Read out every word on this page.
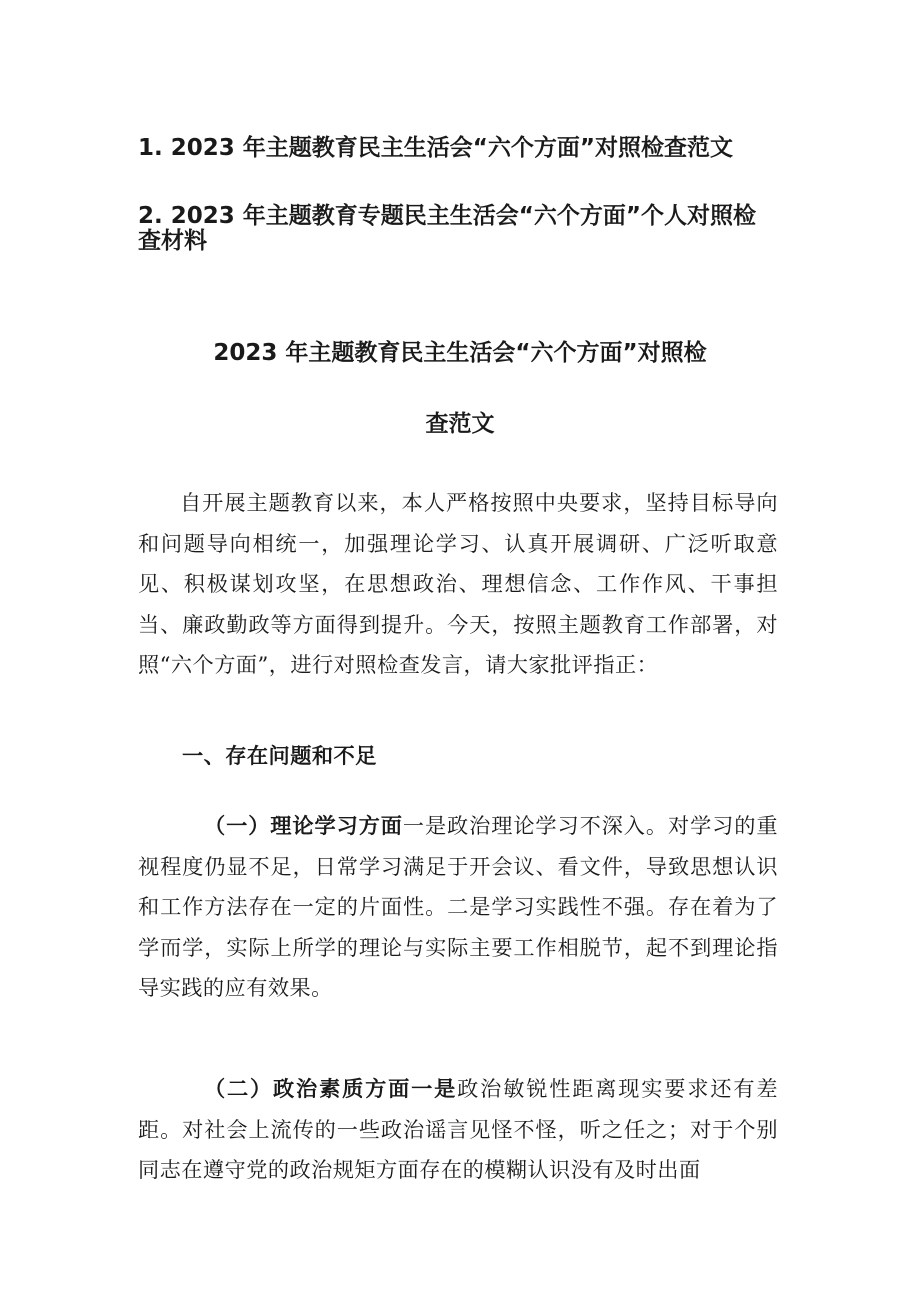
1. 2023 年主题教育民主生活会“六个方面”对照检查范文

2. 2023 年主题教育专题民主生活会“六个方面”个人对照检

查材料

2023 年主题教育民主生活会“六个方面”对照检
查范文

自开展主题教育以来，本人严格按照中央要求，坚持目标导向和问题导向相统一，加强理论学习、认真开展调研、广泛听取意见、积极谋划攻坚，在思想政治、理想信念、工作作风、干事担当、廉政勤政等方面得到提升。今天，按照主题教育工作部署，对照“六个方面”，进行对照检查发言，请大家批评指正：

一、存在问题和不足

（一）理论学习方面一是政治理论学习不深入。对学习的重视程度仍显不足，日常学习满足于开会议、看文件，导致思想认识和工作方法存在一定的片面性。二是学习实践性不强。存在着为了学而学，实际上所学的理论与实际主要工作相脱节，起不到理论指导实践的应有效果。

（二）政治素质方面一是政治敏锐性距离现实要求还有差距。对社会上流传的一些政治谣言见怪不怪，听之任之；对于个别同志在遵守党的政治规矩方面存在的模糊认识没有及时出面
